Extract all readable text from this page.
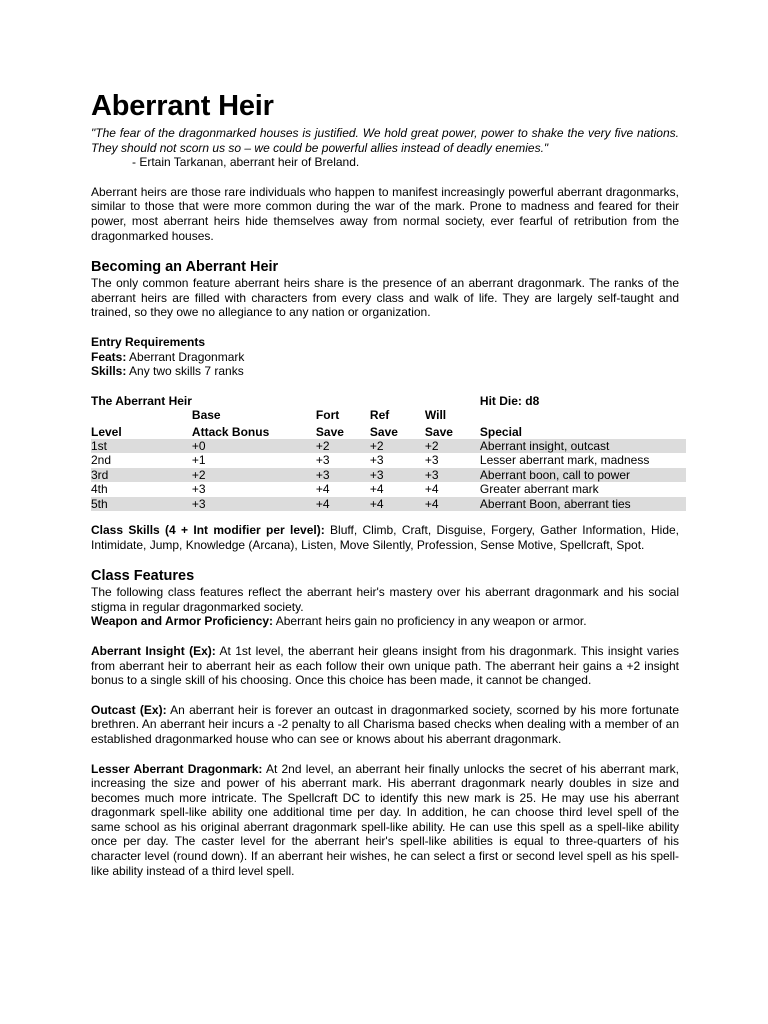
Aberrant Heir
"The fear of the dragonmarked houses is justified. We hold great power, power to shake the very five nations. They should not scorn us so – we could be powerful allies instead of deadly enemies."
- Ertain Tarkanan, aberrant heir of Breland.

Aberrant heirs are those rare individuals who happen to manifest increasingly powerful aberrant dragonmarks, similar to those that were more common during the war of the mark. Prone to madness and feared for their power, most aberrant heirs hide themselves away from normal society, ever fearful of retribution from the dragonmarked houses.

Becoming an Aberrant Heir

The only common feature aberrant heirs share is the presence of an aberrant dragonmark. The ranks of the aberrant heirs are filled with characters from every class and walk of life. They are largely self-taught and trained, so they owe no allegiance to any nation or organization.

Entry Requirements
Feats: Aberrant Dragonmark
Skills: Any two skills 7 ranks
The Aberrant Heir					Hit Die: d8
	Base	Fort	Ref	Will	
Level	Attack Bonus	Save	Save	Save	Special
1st	+0	+2	+2	+2	Aberrant insight, outcast
2nd	+1	+3	+3	+3	Lesser aberrant mark, madness
3rd	+2	+3	+3	+3	Aberrant boon, call to power
4th	+3	+4	+4	+4	Greater aberrant mark
5th	+3	+4	+4	+4	Aberrant Boon, aberrant ties

Class Skills (4 + Int modifier per level): Bluff, Climb, Craft, Disguise, Forgery, Gather Information, Hide, Intimidate, Jump, Knowledge (Arcana), Listen, Move Silently, Profession, Sense Motive, Spellcraft, Spot.

Class Features

The following class features reflect the aberrant heir's mastery over his aberrant dragonmark and his social stigma in regular dragonmarked society.

Weapon and Armor Proficiency: Aberrant heirs gain no proficiency in any weapon or armor.

Aberrant Insight (Ex): At 1st level, the aberrant heir gleans insight from his dragonmark. This insight varies from aberrant heir to aberrant heir as each follow their own unique path. The aberrant heir gains a +2 insight bonus to a single skill of his choosing. Once this choice has been made, it cannot be changed.

Outcast (Ex): An aberrant heir is forever an outcast in dragonmarked society, scorned by his more fortunate brethren. An aberrant heir incurs a -2 penalty to all Charisma based checks when dealing with a member of an established dragonmarked house who can see or knows about his aberrant dragonmark.

Lesser Aberrant Dragonmark: At 2nd level, an aberrant heir finally unlocks the secret of his aberrant mark, increasing the size and power of his aberrant mark. His aberrant dragonmark nearly doubles in size and becomes much more intricate. The Spellcraft DC to identify this new mark is 25. He may use his aberrant dragonmark spell-like ability one additional time per day. In addition, he can choose third level spell of the same school as his original aberrant dragonmark spell-like ability. He can use this spell as a spell-like ability once per day. The caster level for the aberrant heir's spell-like abilities is equal to three-quarters of his character level (round down). If an aberrant heir wishes, he can select a first or second level spell as his spell-like ability instead of a third level spell.
